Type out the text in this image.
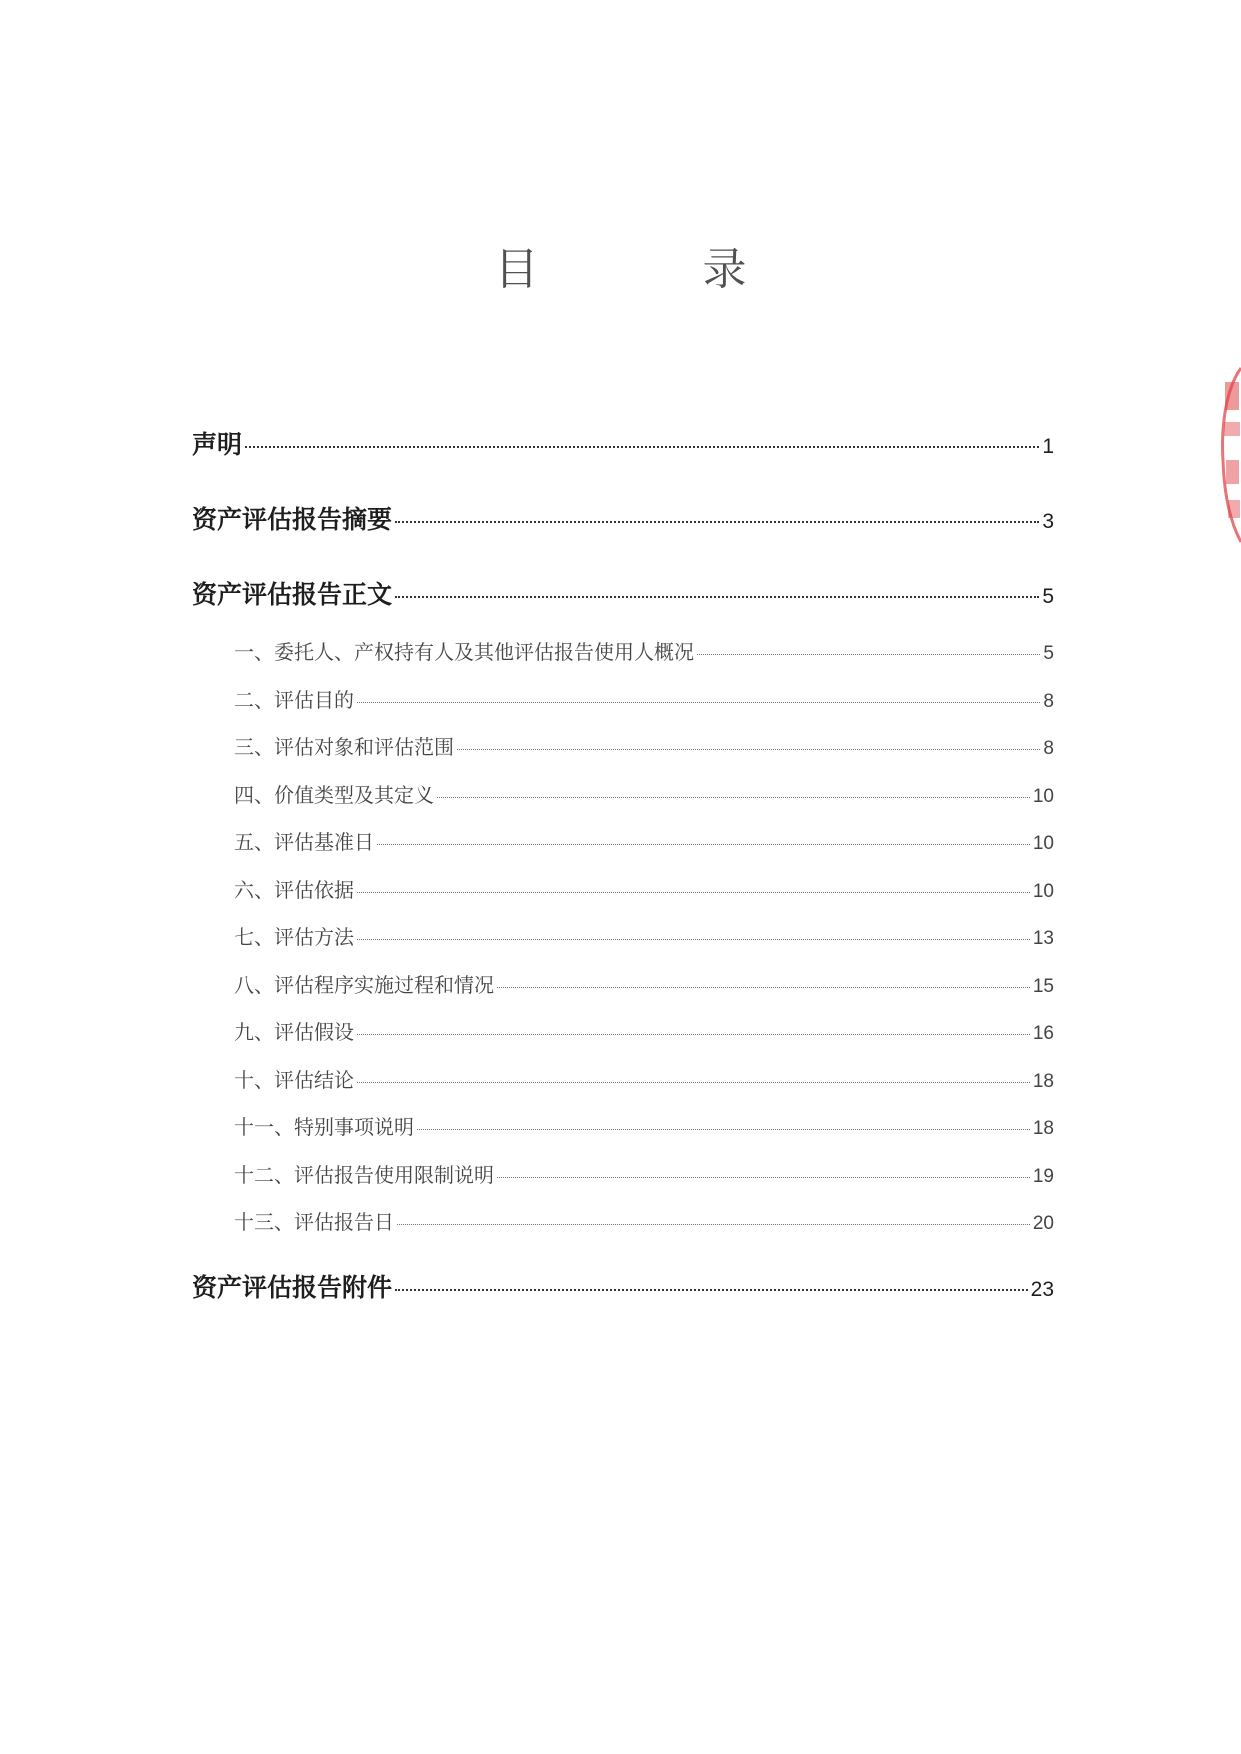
目　录
声明	1
资产评估报告摘要	3
资产评估报告正文	5
一、委托人、产权持有人及其他评估报告使用人概况	5
二、评估目的	8
三、评估对象和评估范围	8
四、价值类型及其定义	10
五、评估基准日	10
六、评估依据	10
七、评估方法	13
八、评估程序实施过程和情况	15
九、评估假设	16
十、评估结论	18
十一、特别事项说明	18
十二、评估报告使用限制说明	19
十三、评估报告日	20
资产评估报告附件	23
